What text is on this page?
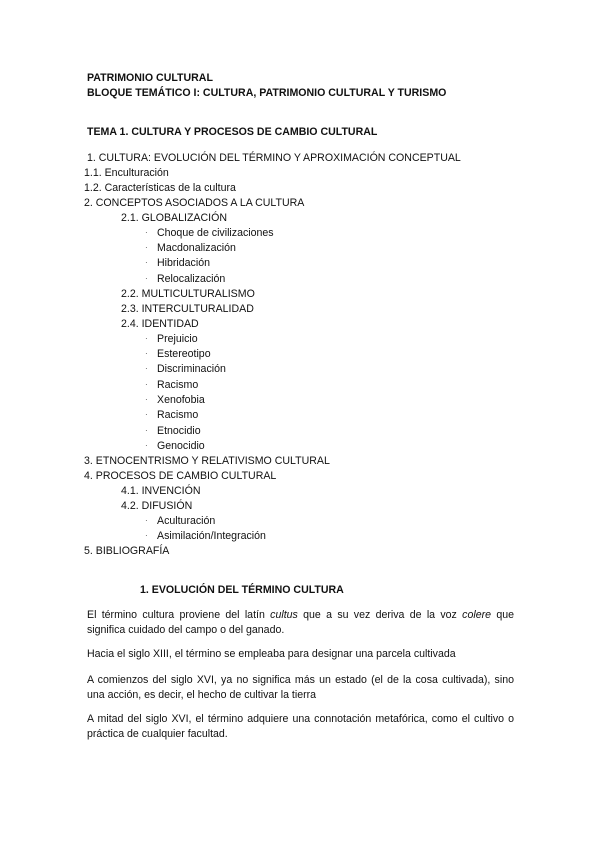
PATRIMONIO CULTURAL
BLOQUE TEMÁTICO I: CULTURA, PATRIMONIO CULTURAL Y TURISMO
TEMA 1. CULTURA Y PROCESOS DE CAMBIO CULTURAL
1. CULTURA: EVOLUCIÓN DEL TÉRMINO Y APROXIMACIÓN CONCEPTUAL
1.1. Enculturación
1.2. Características de la cultura
2. CONCEPTOS ASOCIADOS A LA CULTURA
2.1. GLOBALIZACIÓN
· Choque de civilizaciones
· Macdonalización
· Hibridación
· Relocalización
2.2. MULTICULTURALISMO
2.3. INTERCULTURALIDAD
2.4. IDENTIDAD
· Prejuicio
· Estereotipo
· Discriminación
· Racismo
· Xenofobia
· Racismo
· Etnocidio
· Genocidio
3. ETNOCENTRISMO Y RELATIVISMO CULTURAL
4. PROCESOS DE CAMBIO CULTURAL
4.1. INVENCIÓN
4.2. DIFUSIÓN
· Aculturación
· Asimilación/Integración
5. BIBLIOGRAFÍA
1. EVOLUCIÓN DEL TÉRMINO CULTURA

El término cultura proviene del latín cultus que a su vez deriva de la voz colere que significa cuidado del campo o del ganado.

Hacia el siglo XIII, el término se empleaba para designar una parcela cultivada

A comienzos del siglo XVI, ya no significa más un estado (el de la cosa cultivada), sino una acción, es decir, el hecho de cultivar la tierra

A mitad del siglo XVI, el término adquiere una connotación metafórica, como el cultivo o práctica de cualquier facultad.
